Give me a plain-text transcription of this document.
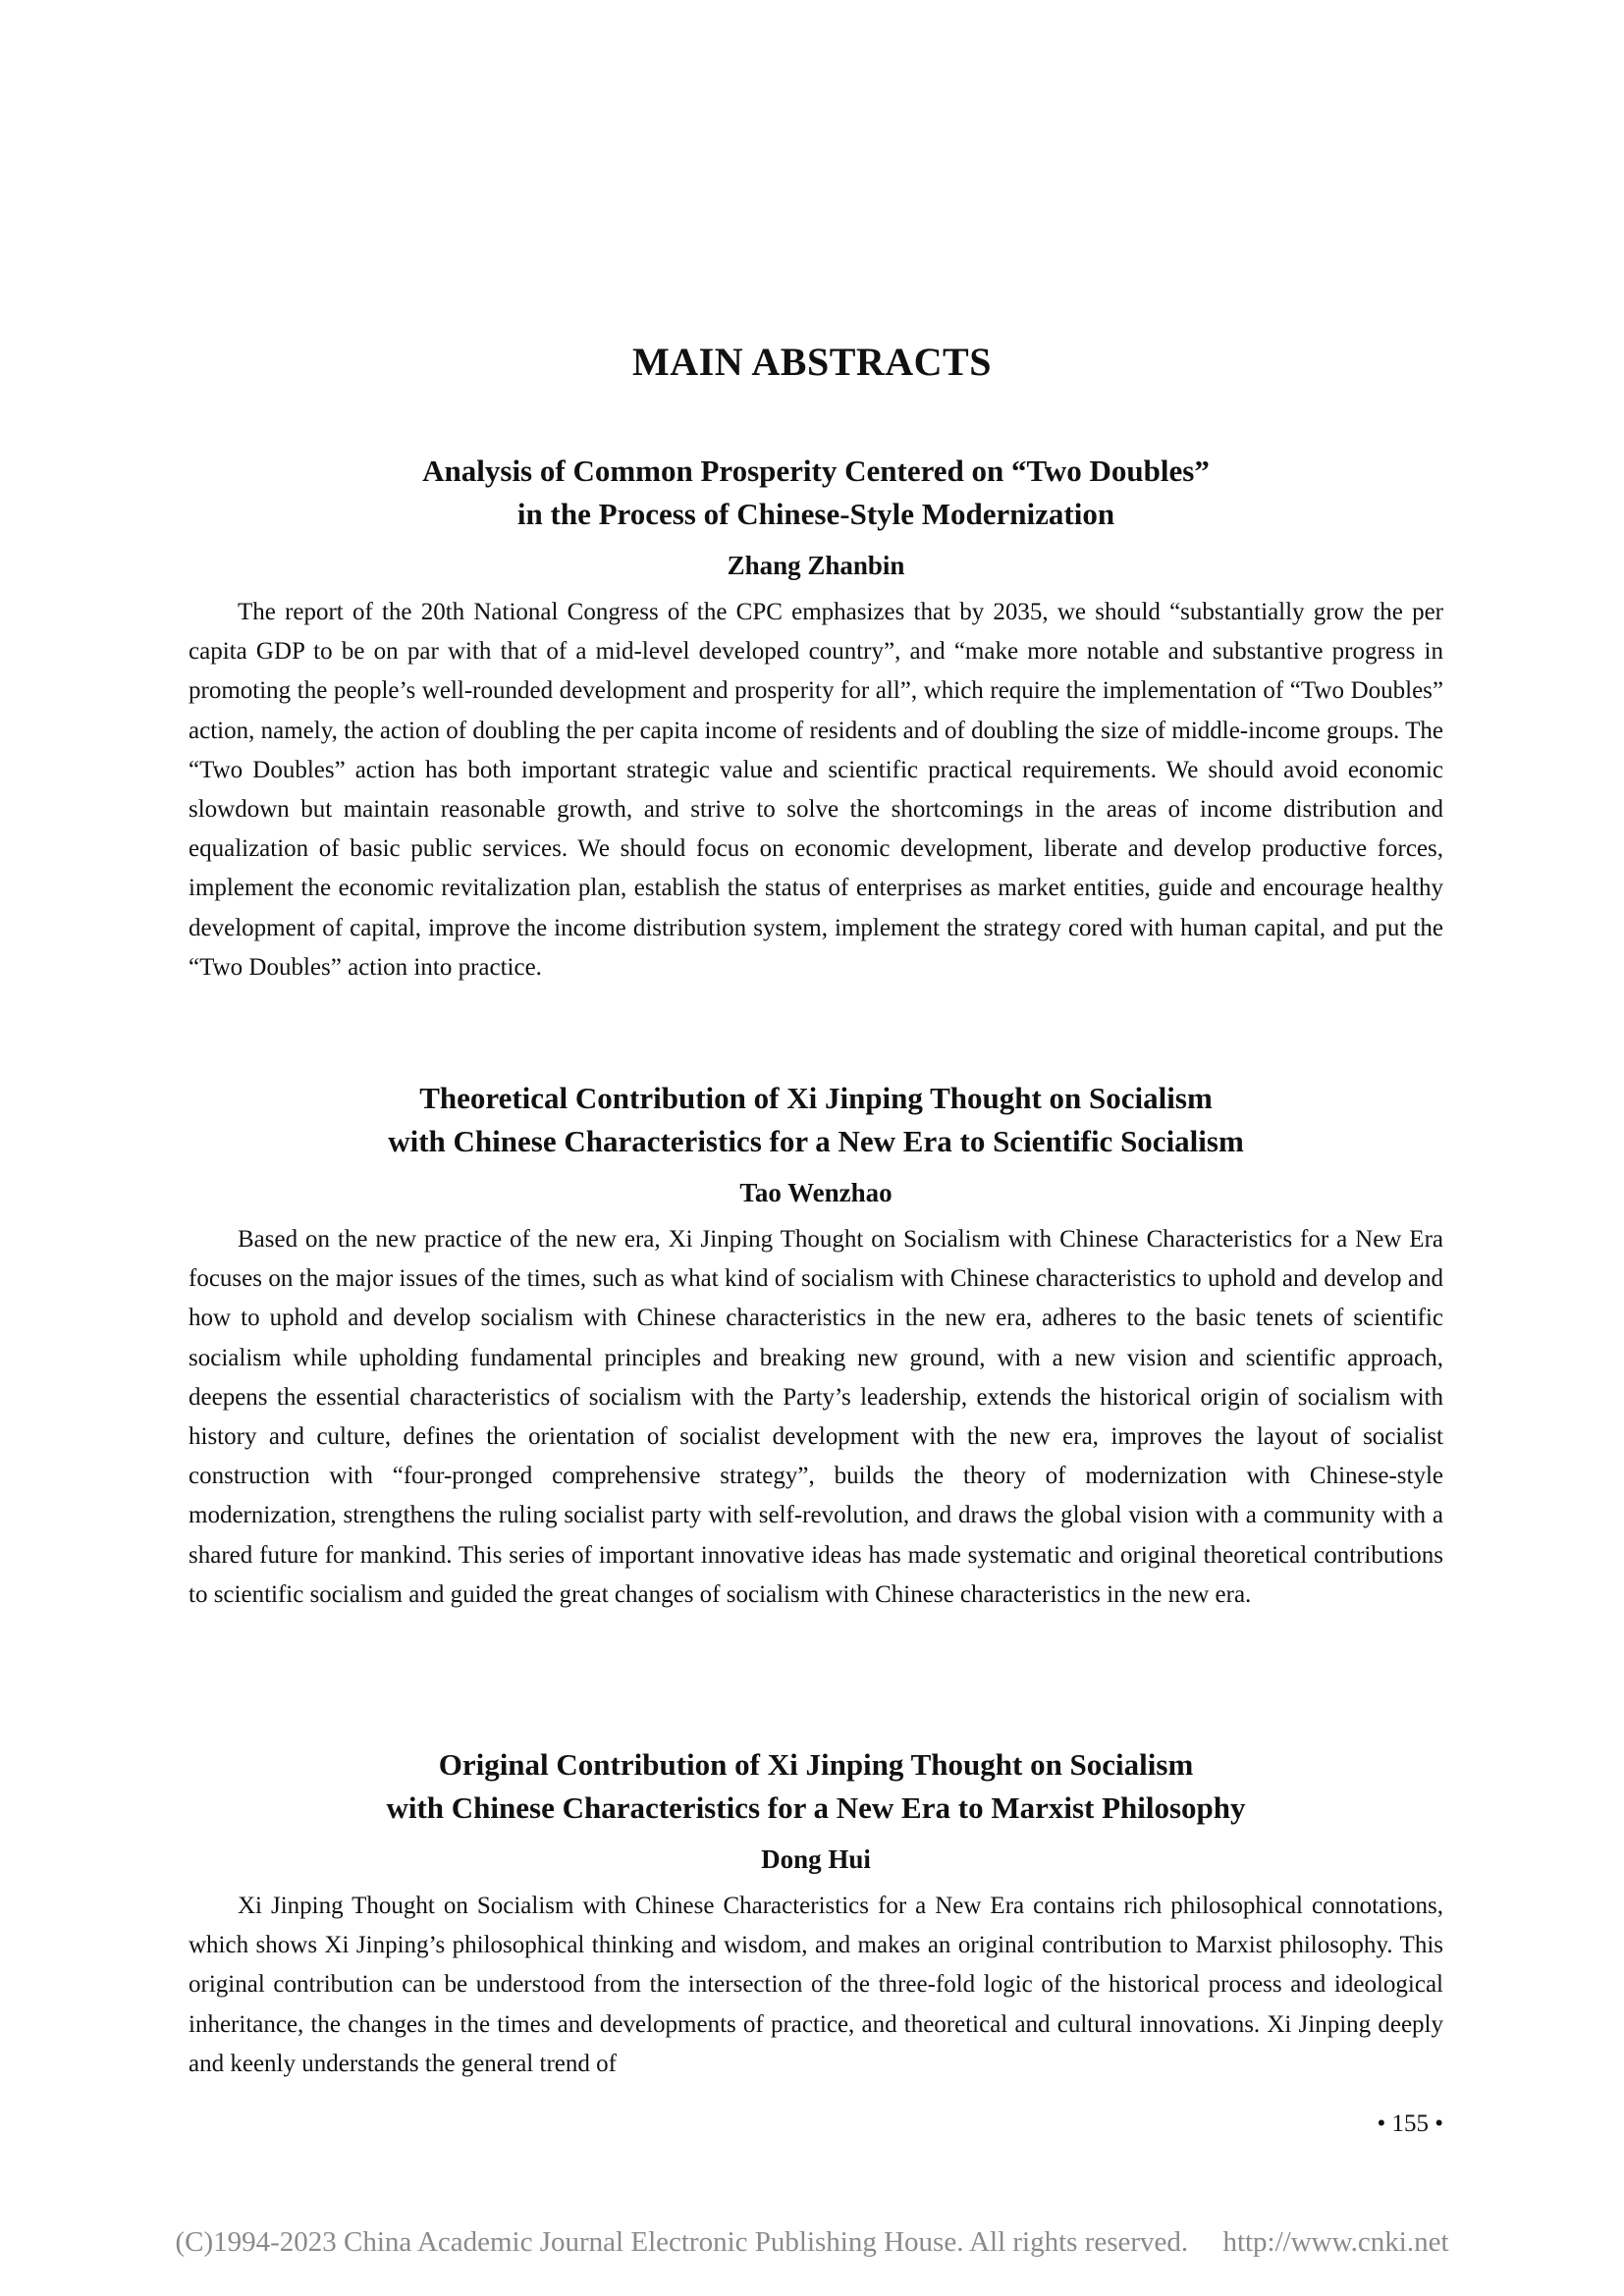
MAIN ABSTRACTS
Analysis of Common Prosperity Centered on “Two Doubles”
in the Process of Chinese-Style Modernization
Zhang Zhanbin

The report of the 20th National Congress of the CPC emphasizes that by 2035, we should “substantially grow the per capita GDP to be on par with that of a mid-level developed country”, and “make more notable and substantive progress in promoting the people’s well-rounded development and prosperity for all”, which require the implementation of “Two Doubles” action, namely, the action of doubling the per capita income of residents and of doubling the size of middle-income groups. The “Two Doubles” action has both important strategic value and scientific practical requirements. We should avoid economic slowdown but maintain reasonable growth, and strive to solve the shortcomings in the areas of income distribution and equalization of basic public services. We should focus on economic development, liberate and develop productive forces, implement the economic revitalization plan, establish the status of enterprises as market entities, guide and encourage healthy development of capital, improve the income distribution system, implement the strategy cored with human capital, and put the “Two Doubles” action into practice.

Theoretical Contribution of Xi Jinping Thought on Socialism
with Chinese Characteristics for a New Era to Scientific Socialism
Tao Wenzhao

Based on the new practice of the new era, Xi Jinping Thought on Socialism with Chinese Characteristics for a New Era focuses on the major issues of the times, such as what kind of socialism with Chinese characteristics to uphold and develop and how to uphold and develop socialism with Chinese characteristics in the new era, adheres to the basic tenets of scientific socialism while upholding fundamental principles and breaking new ground, with a new vision and scientific approach, deepens the essential characteristics of socialism with the Party’s leadership, extends the historical origin of socialism with history and culture, defines the orientation of socialist development with the new era, improves the layout of socialist construction with “four-pronged comprehensive strategy”, builds the theory of modernization with Chinese-style modernization, strengthens the ruling socialist party with self-revolution, and draws the global vision with a community with a shared future for mankind. This series of important innovative ideas has made systematic and original theoretical contributions to scientific socialism and guided the great changes of socialism with Chinese characteristics in the new era.

Original Contribution of Xi Jinping Thought on Socialism
with Chinese Characteristics for a New Era to Marxist Philosophy
Dong Hui

Xi Jinping Thought on Socialism with Chinese Characteristics for a New Era contains rich philosophical connotations, which shows Xi Jinping’s philosophical thinking and wisdom, and makes an original contribution to Marxist philosophy. This original contribution can be understood from the intersection of the three-fold logic of the historical process and ideological inheritance, the changes in the times and developments of practice, and theoretical and cultural innovations. Xi Jinping deeply and keenly understands the general trend of

• 155 •
(C)1994-2023 China Academic Journal Electronic Publishing House. All rights reserved. http://www.cnki.net
